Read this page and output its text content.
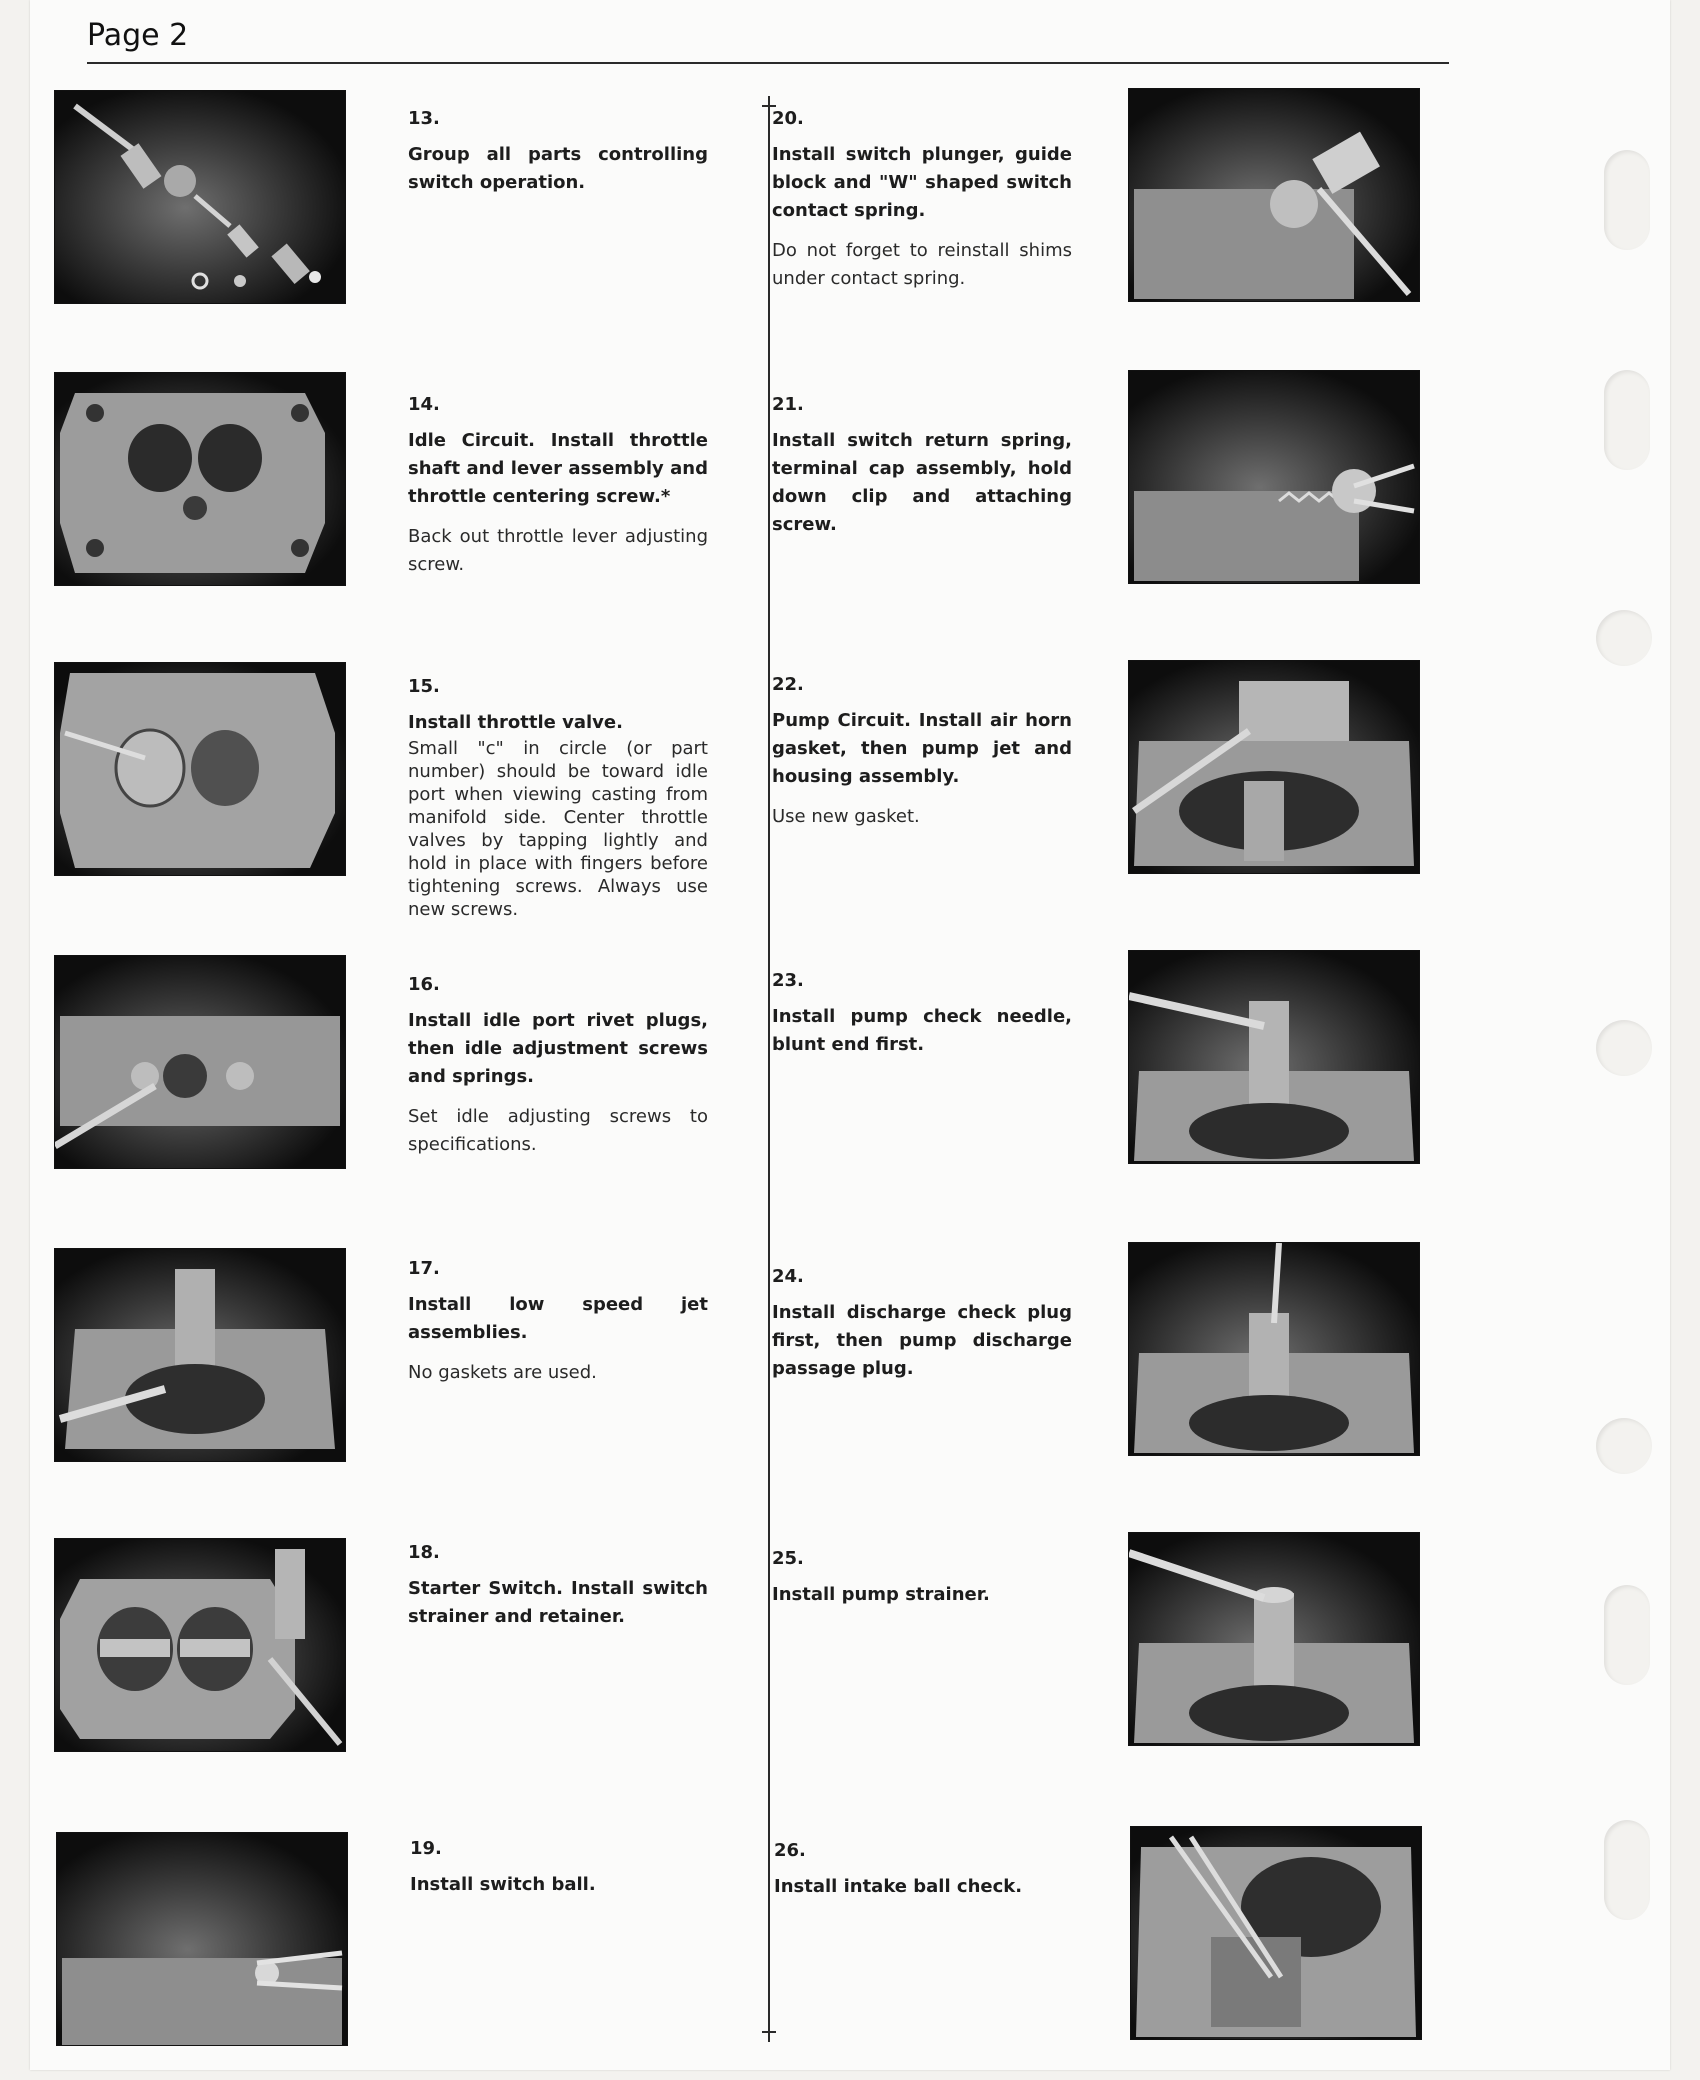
Page 2
13.
Group all parts controlling switch operation.
14.
Idle Circuit. Install throttle shaft and lever assembly and throttle centering screw.*
Back out throttle lever adjusting screw.
15.
Install throttle valve.
Small "c" in circle (or part number) should be toward idle port when viewing casting from manifold side. Center throttle valves by tapping lightly and hold in place with fingers before tightening screws. Always use new screws.
16.
Install idle port rivet plugs, then idle adjustment screws and springs.
Set idle adjusting screws to specifications.
17.
Install low speed jet assemblies.
No gaskets are used.
18.
Starter Switch. Install switch strainer and retainer.
19.
Install switch ball.
20.
Install switch plunger, guide block and "W" shaped switch contact spring.
Do not forget to reinstall shims under contact spring.
21.
Install switch return spring, terminal cap assembly, hold down clip and attaching screw.
22.
Pump Circuit. Install air horn gasket, then pump jet and housing assembly.
Use new gasket.
23.
Install pump check needle, blunt end first.
24.
Install discharge check plug first, then pump discharge passage plug.
25.
Install pump strainer.
26.
Install intake ball check.
